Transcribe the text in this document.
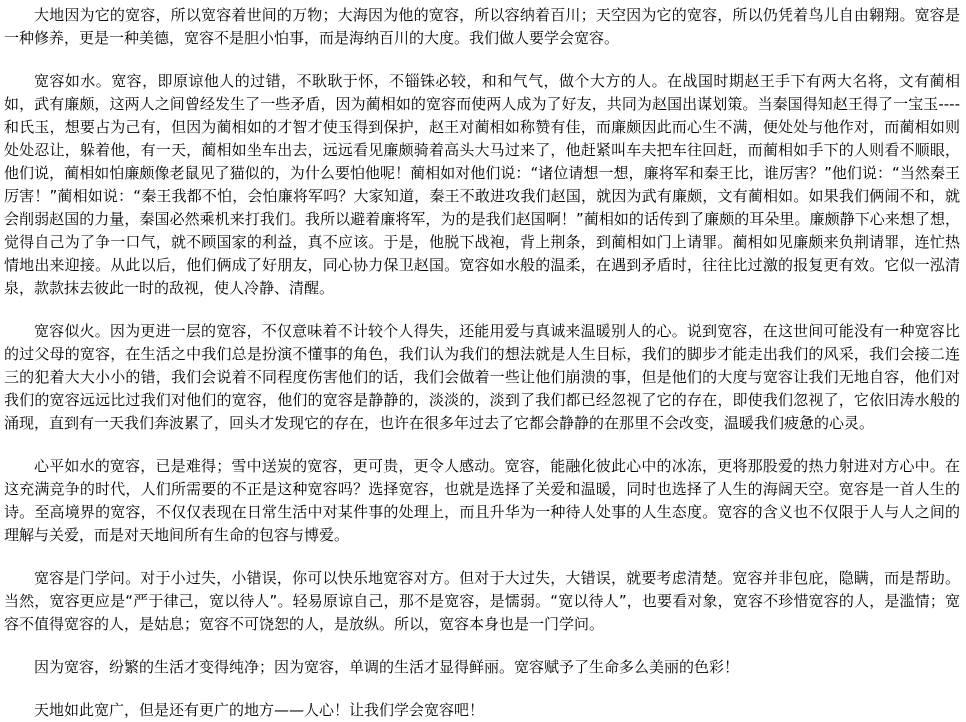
大地因为它的宽容，所以宽容着世间的万物；大海因为他的宽容，所以容纳着百川；天空因为它的宽容，所以仍凭着鸟儿自由翱翔。宽容是一种修养，更是一种美德，宽容不是胆小怕事，而是海纳百川的大度。我们做人要学会宽容。

宽容如水。宽容，即原谅他人的过错，不耿耿于怀，不锱铢必较，和和气气，做个大方的人。在战国时期赵王手下有两大名将，文有蔺相如，武有廉颇，这两人之间曾经发生了一些矛盾，因为蔺相如的宽容而使两人成为了好友，共同为赵国出谋划策。当秦国得知赵王得了一宝玉----和氏玉，想要占为己有，但因为蔺相如的才智才使玉得到保护，赵王对蔺相如称赞有佳，而廉颇因此而心生不满，便处处与他作对，而蔺相如则处处忍让，躲着他，有一天，蔺相如坐车出去，远远看见廉颇骑着高头大马过来了，他赶紧叫车夫把车往回赶，而蔺相如手下的人则看不顺眼，他们说，蔺相如怕廉颇像老鼠见了猫似的，为什么要怕他呢！蔺相如对他们说：“诸位请想一想，廉将军和秦王比，谁厉害？”他们说：“当然秦王厉害！”蔺相如说：“秦王我都不怕，会怕廉将军吗？大家知道，秦王不敢进攻我们赵国，就因为武有廉颇，文有蔺相如。如果我们俩闹不和，就会削弱赵国的力量，秦国必然乘机来打我们。我所以避着廉将军，为的是我们赵国啊！”蔺相如的话传到了廉颇的耳朵里。廉颇静下心来想了想，觉得自己为了争一口气，就不顾国家的利益，真不应该。于是，他脱下战袍，背上荆条，到蔺相如门上请罪。蔺相如见廉颇来负荆请罪，连忙热情地出来迎接。从此以后，他们俩成了好朋友，同心协力保卫赵国。宽容如水般的温柔，在遇到矛盾时，往往比过激的报复更有效。它似一泓清泉，款款抹去彼此一时的敌视，使人冷静、清醒。

宽容似火。因为更进一层的宽容，不仅意味着不计较个人得失，还能用爱与真诚来温暖别人的心。说到宽容，在这世间可能没有一种宽容比的过父母的宽容，在生活之中我们总是扮演不懂事的角色，我们认为我们的想法就是人生目标，我们的脚步才能走出我们的风采，我们会接二连三的犯着大大小小的错，我们会说着不同程度伤害他们的话，我们会做着一些让他们崩溃的事，但是他们的大度与宽容让我们无地自容，他们对我们的宽容远远比过我们对他们的宽容，他们的宽容是静静的，淡淡的，淡到了我们都已经忽视了它的存在，即使我们忽视了，它依旧涛水般的涌现，直到有一天我们奔波累了，回头才发现它的存在，也许在很多年过去了它都会静静的在那里不会改变，温暖我们疲惫的心灵。

心平如水的宽容，已是难得；雪中送炭的宽容，更可贵，更令人感动。宽容，能融化彼此心中的冰冻，更将那股爱的热力射进对方心中。在这充满竞争的时代，人们所需要的不正是这种宽容吗？选择宽容，也就是选择了关爱和温暖，同时也选择了人生的海阔天空。宽容是一首人生的诗。至高境界的宽容，不仅仅表现在日常生活中对某件事的处理上，而且升华为一种待人处事的人生态度。宽容的含义也不仅限于人与人之间的理解与关爱，而是对天地间所有生命的包容与博爱。

宽容是门学问。对于小过失，小错误，你可以快乐地宽容对方。但对于大过失，大错误，就要考虑清楚。宽容并非包庇，隐瞒，而是帮助。当然，宽容更应是“严于律己，宽以待人”。轻易原谅自己，那不是宽容，是懦弱。“宽以待人”，也要看对象，宽容不珍惜宽容的人，是滥情；宽容不值得宽容的人，是姑息；宽容不可饶恕的人，是放纵。所以，宽容本身也是一门学问。

因为宽容，纷繁的生活才变得纯净；因为宽容，单调的生活才显得鲜丽。宽容赋予了生命多么美丽的色彩！

天地如此宽广，但是还有更广的地方——人心！让我们学会宽容吧！
